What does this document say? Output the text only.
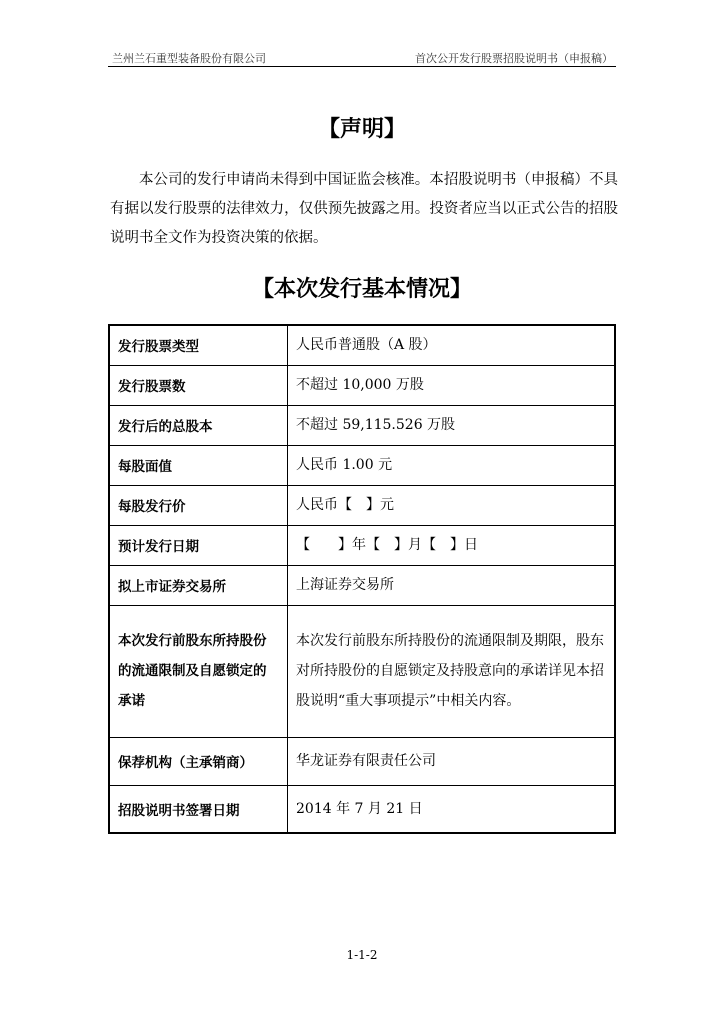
兰州兰石重型装备股份有限公司	首次公开发行股票招股说明书（申报稿）
【声明】
本公司的发行申请尚未得到中国证监会核准。本招股说明书（申报稿）不具有据以发行股票的法律效力，仅供预先披露之用。投资者应当以正式公告的招股说明书全文作为投资决策的依据。
【本次发行基本情况】
发行股票类型	人民币普通股（A 股）
发行股票数	不超过 10,000 万股
发行后的总股本	不超过 59,115.526 万股
每股面值	人民币 1.00 元
每股发行价	人民币【　】元
预计发行日期	【　　】年【　】月【　】日
拟上市证券交易所	上海证券交易所
本次发行前股东所持股份的流通限制及自愿锁定的承诺	本次发行前股东所持股份的流通限制及期限，股东对所持股份的自愿锁定及持股意向的承诺详见本招股说明“重大事项提示”中相关内容。
保荐机构（主承销商）	华龙证券有限责任公司
招股说明书签署日期	2014 年 7 月 21 日
1-1-2
